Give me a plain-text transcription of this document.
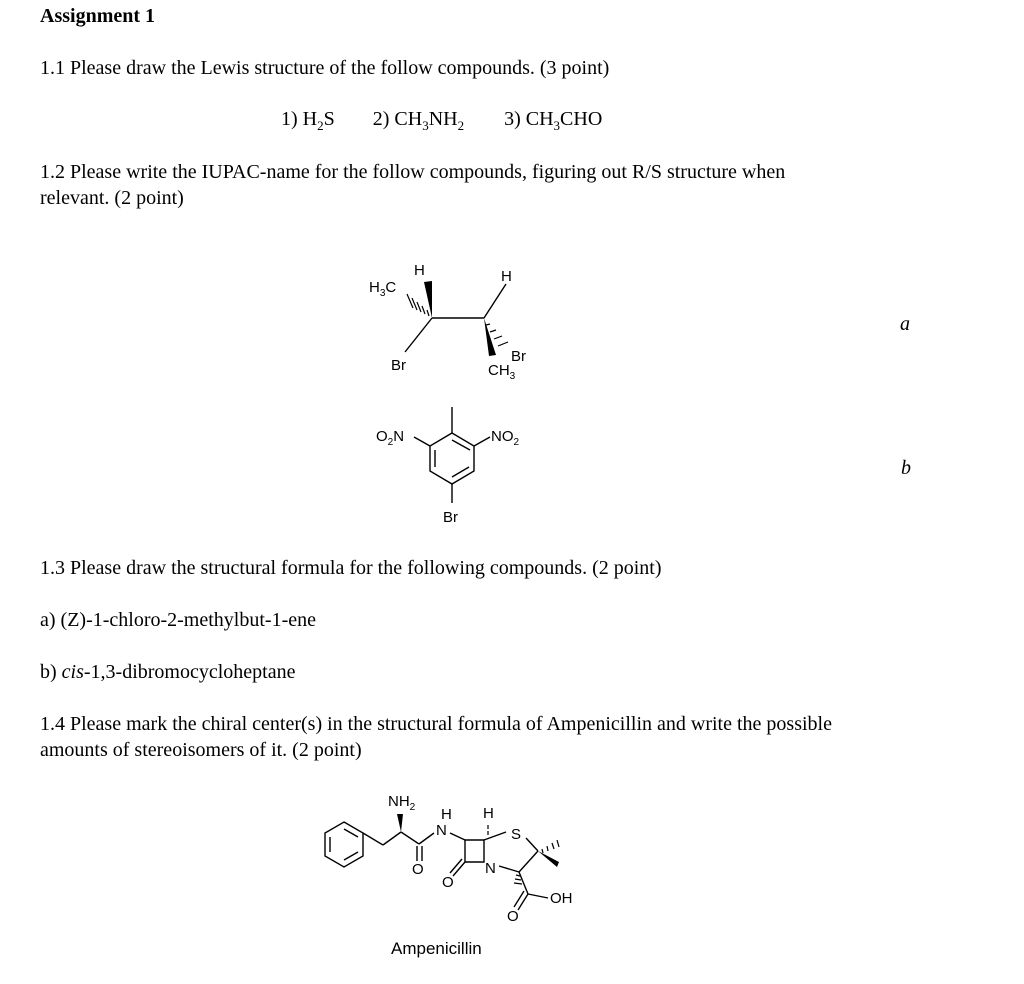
Assignment 1

1.1 Please draw the Lewis structure of the follow compounds. (3 point)

1) $H_2S$ 2) $CH_3NH_2$ 3) $CH_3CHO$

1.2 Please write the IUPAC-name for the follow compounds, figuring out R/S structure when

relevant. (2 point)

a

b

1.3 Please draw the structural formula for the following compounds. (2 point)

a) (Z)-1-chloro-2-methylbut-1-ene

b) cis-1,3-dibromocycloheptane

1.4 Please mark the chiral center(s) in the structural formula of Ampenicillin and write the possible

amounts of stereoisomers of it. (2 point)

Ampenicillin

$H_3C$
H	H
Br
Br
$CH_3$
$O_2N$	$NO_2$
Br
$NH_2$ H
N
H
S
N
OH
O
O
O
